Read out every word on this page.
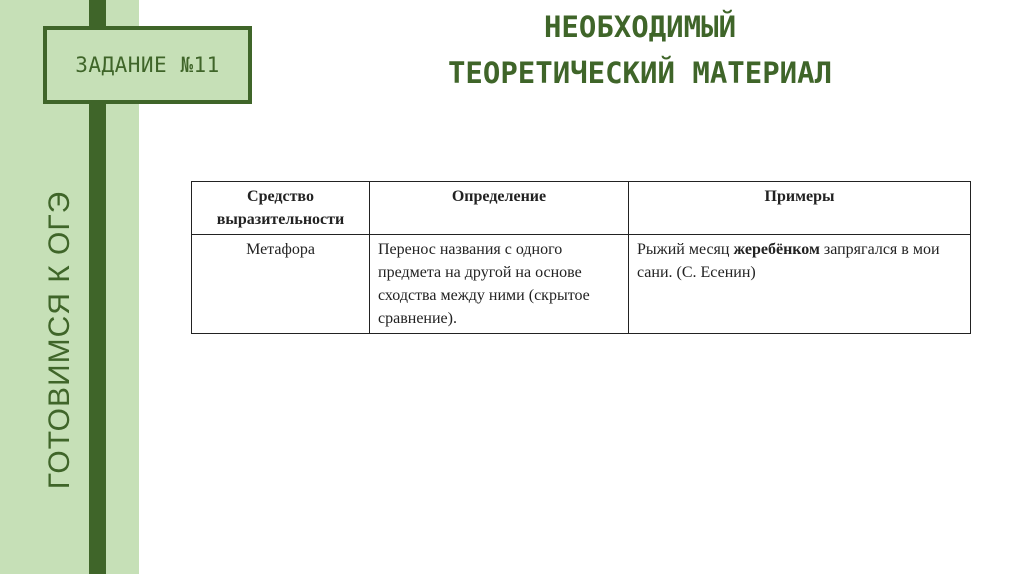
ЗАДАНИЕ №11
ГОТОВИМСЯ К ОГЭ
НЕОБХОДИМЫЙ
ТЕОРЕТИЧЕСКИЙ МАТЕРИАЛ
Средство выразительности	Определение	Примеры
Метафора	Перенос названия с одного предмета на другой на основе сходства между ними (скрытое сравнение).	Рыжий месяц жеребёнком запрягался в мои сани. (С. Есенин)
